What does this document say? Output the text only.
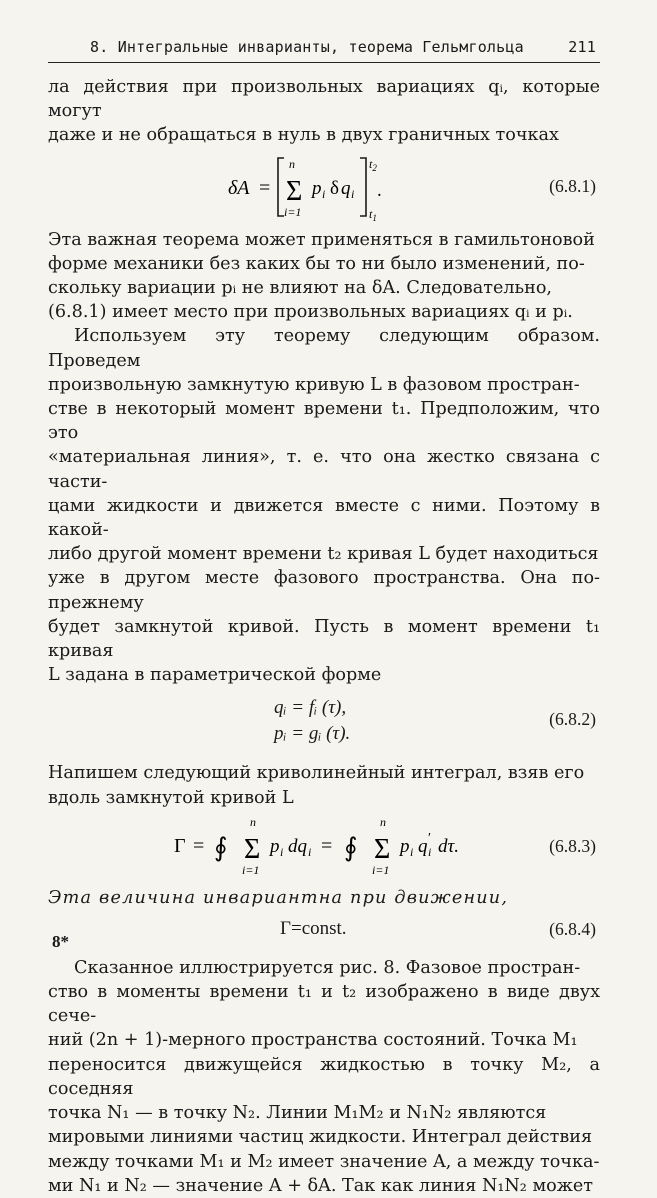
8. Интегральные инварианты, теорема Гельмгольца	211

ла действия при произвольных вариациях qᵢ, которые могут

даже и не обращаться в нуль в двух граничных точках

δA =
n
Σ
i=1
p i δ q i
$t_2$
.
$t_1$
(6.8.1)

Эта важная теорема может применяться в гамильтоновой

форме механики без каких бы то ни было изменений, по-

скольку вариации pᵢ не влияют на δA. Следовательно,

(6.8.1) имеет место при произвольных вариациях qᵢ и pᵢ.

Используем эту теорему следующим образом. Проведем

произвольную замкнутую кривую L в фазовом простран-

стве в некоторый момент времени t₁. Предположим, что это

«материальная линия», т. е. что она жестко связана с части-

цами жидкости и движется вместе с ними. Поэтому в какой-

либо другой момент времени t₂ кривая L будет находиться

уже в другом месте фазового пространства. Она по-прежнему

будет замкнутой кривой. Пусть в момент времени t₁ кривая

L задана в параметрической форме

qᵢ = fᵢ (τ),
pᵢ = gᵢ (τ).
(6.8.2)

Напишем следующий криволинейный интеграл, взяв его

вдоль замкнутой кривой L

Γ = ∮
n
Σ
i=1
p i dq i = ∮
n
Σ
i=1
p i q ′
i dτ.	(6.8.3)

Эта величина инвариантна при движении,

Γ=const.	(6.8.4)

Сказанное иллюстрируется рис. 8. Фазовое простран-

ство в моменты времени t₁ и t₂ изображено в виде двух сече-

ний (2n + 1)-мерного пространства состояний. Точка M₁

переносится движущейся жидкостью в точку M₂, а соседняя

точка N₁ — в точку N₂. Линии M₁M₂ и N₁N₂ являются

мировыми линиями частиц жидкости. Интеграл действия

между точками M₁ и M₂ имеет значение A, а между точка-

ми N₁ и N₂ — значение A + δA. Так как линия N₁N₂ может

8*
